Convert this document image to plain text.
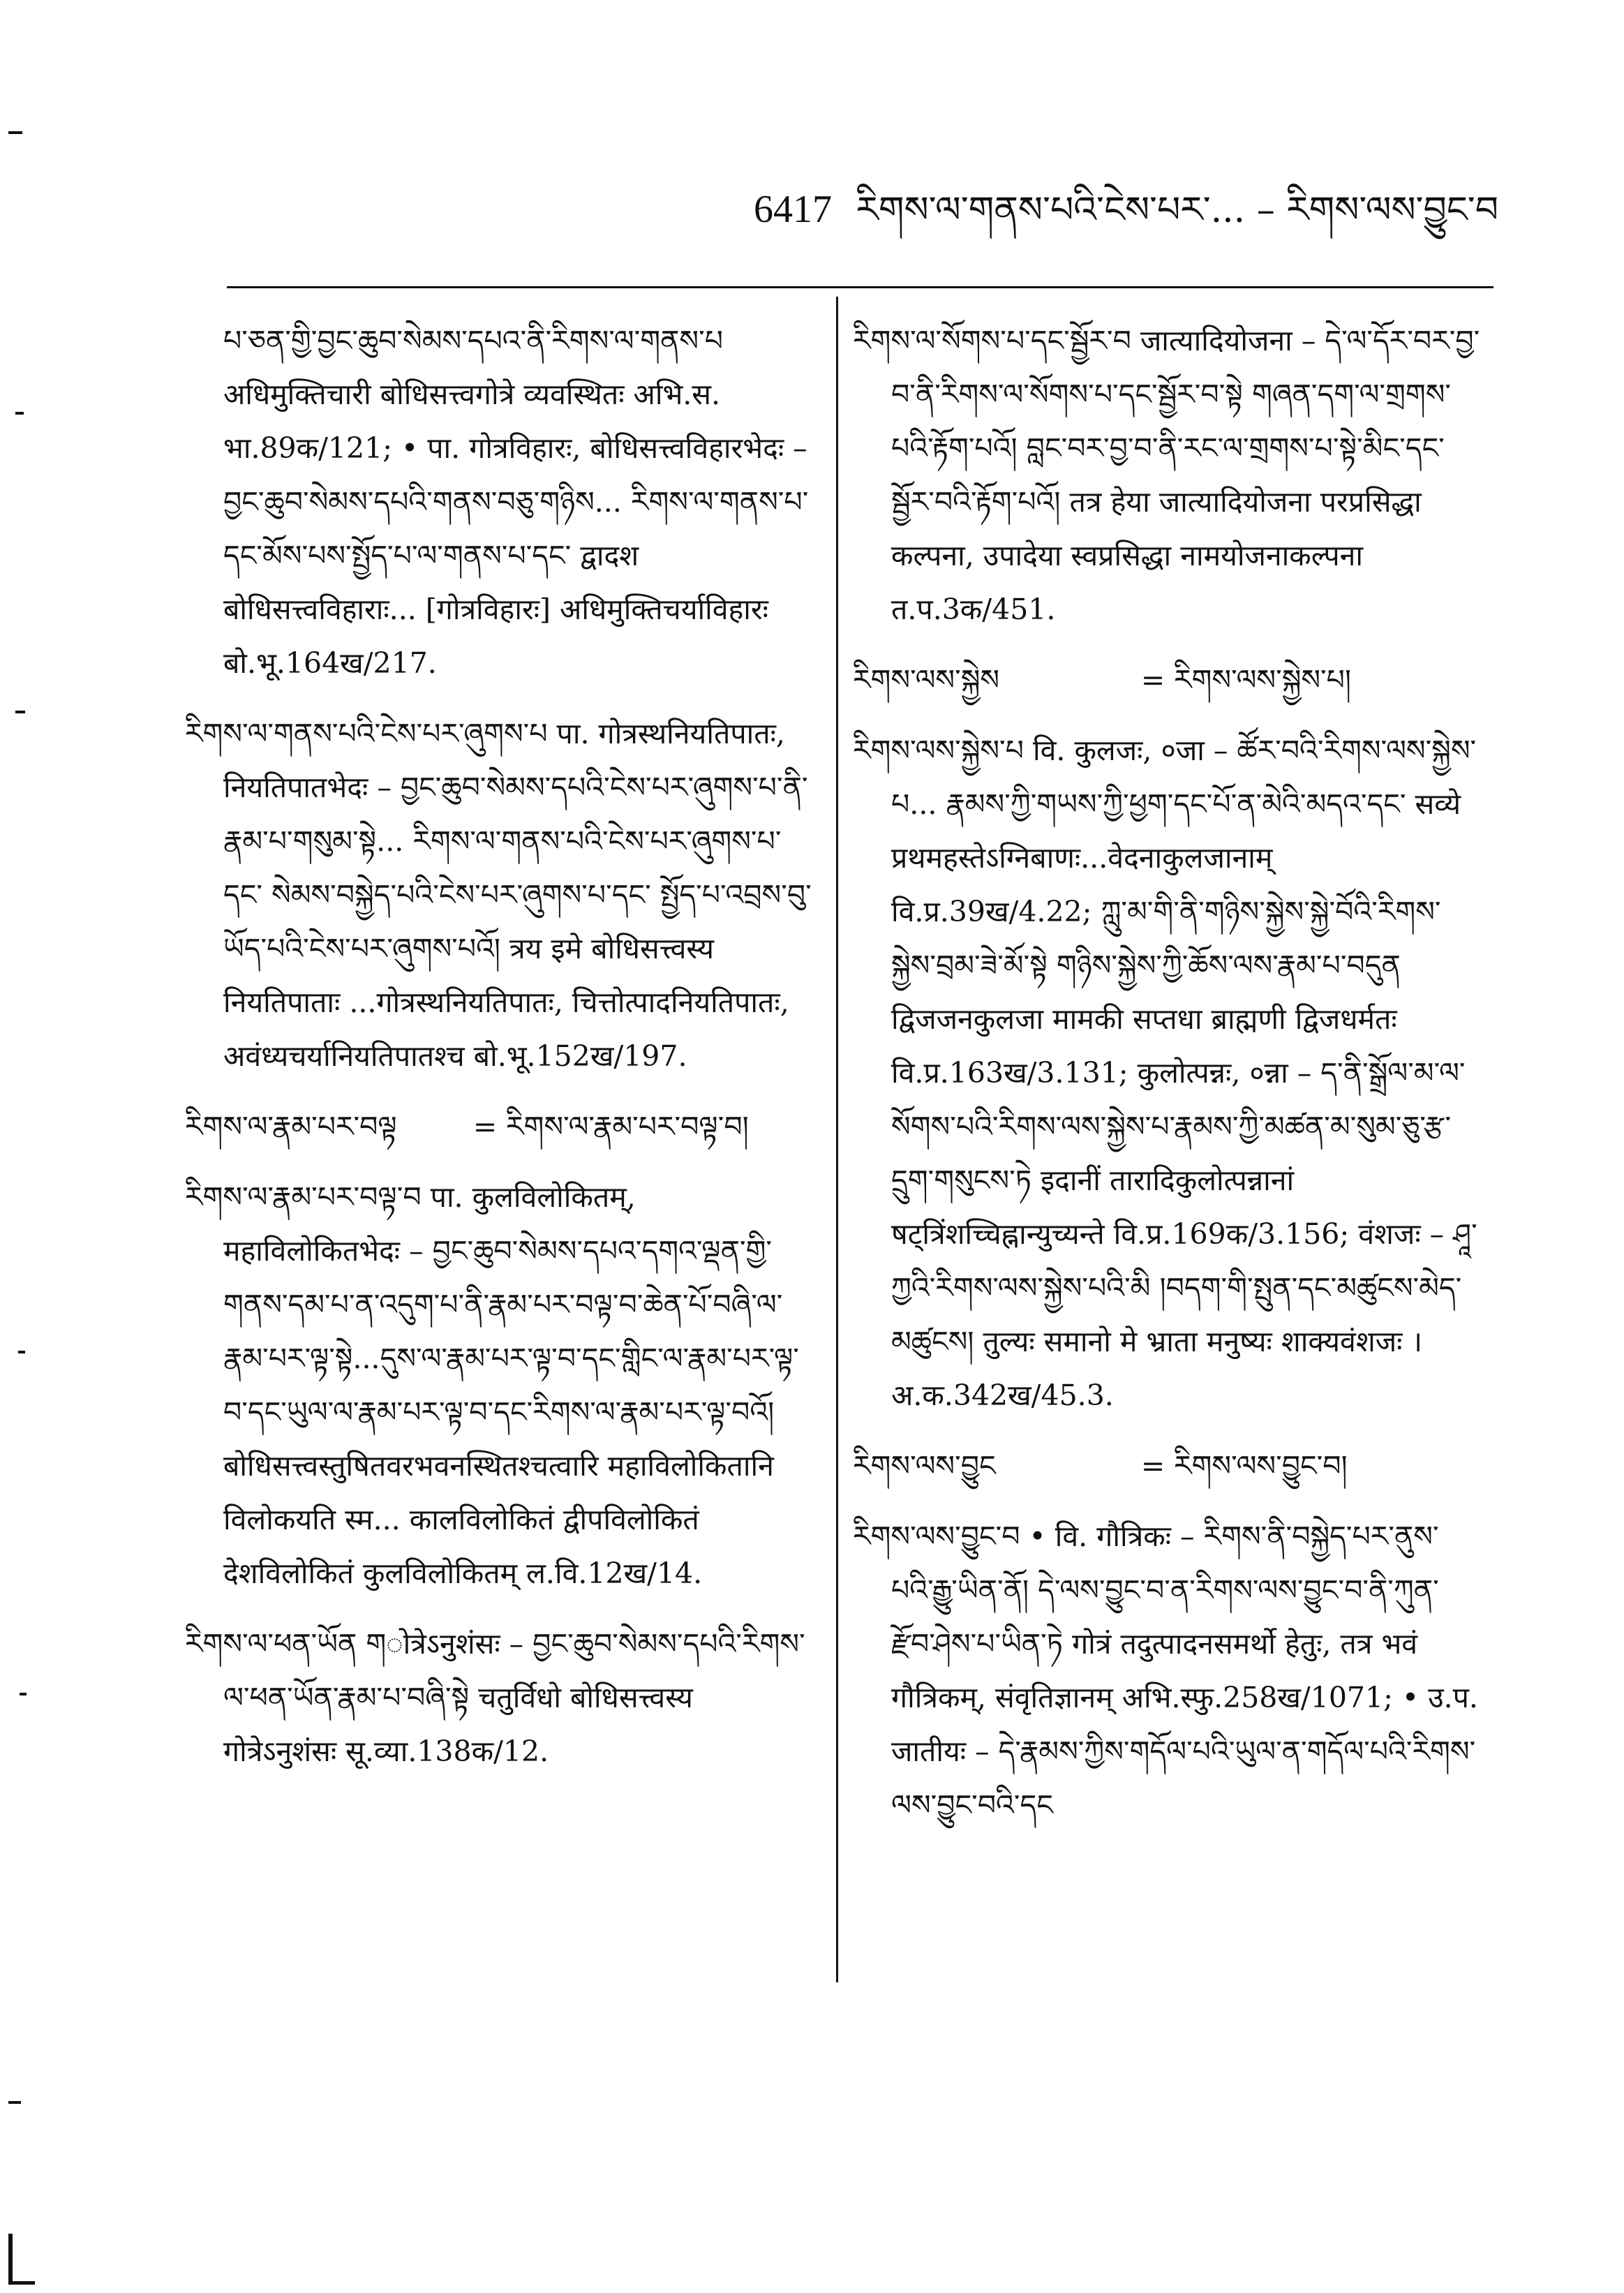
6417 རིགས་ལ་གནས་པའི་ངེས་པར་... – རིགས་ལས་བྱུང་བ

པ་ཅན་གྱི་བྱང་ཆུབ་སེམས་དཔའ་ནི་རིགས་ལ་གནས་པ अधिमुक्तिचारी बोधिसत्त्वगोत्रे व्यवस्थितः अभि.स. भा.89क/121; • पा. गोत्रविहारः, बोधिसत्त्वविहारभेदः – བྱང་ཆུབ་སེམས་དཔའི་གནས་བཅུ་གཉིས... རིགས་ལ་གནས་པ་དང་མོས་པས་སྤྱོད་པ་ལ་གནས་པ་དང་ द्वादश बोधिसत्त्वविहाराः... [गोत्रविहारः] अधिमुक्तिचर्याविहारः बो.भू.164ख/217.

རིགས་ལ་གནས་པའི་ངེས་པར་ཞུགས་པ पा. गोत्रस्थनियतिपातः, नियतिपातभेदः – བྱང་ཆུབ་སེམས་དཔའི་ངེས་པར་ཞུགས་པ་ནི་རྣམ་པ་གསུམ་སྟེ... རིགས་ལ་གནས་པའི་ངེས་པར་ཞུགས་པ་དང་ སེམས་བསྐྱེད་པའི་ངེས་པར་ཞུགས་པ་དང་ སྤྱོད་པ་འབྲས་བུ་ཡོད་པའི་ངེས་པར་ཞུགས་པའོ། त्रय इमे बोधिसत्त्वस्य नियतिपाताः ...गोत्रस्थनियतिपातः, चित्तोत्पादनियतिपातः, अवंध्यचर्यानियतिपातश्च बो.भू.152ख/197.

རིགས་ལ་རྣམ་པར་བལྟ	= རིགས་ལ་རྣམ་པར་བལྟ་བ།

རིགས་ལ་རྣམ་པར་བལྟ་བ पा. कुलविलोकितम्, महाविलोकितभेदः – བྱང་ཆུབ་སེམས་དཔའ་དགའ་ལྡན་གྱི་གནས་དམ་པ་ན་འདུག་པ་ནི་རྣམ་པར་བལྟ་བ་ཆེན་པོ་བཞི་ལ་རྣམ་པར་ལྟ་སྟེ...དུས་ལ་རྣམ་པར་ལྟ་བ་དང་གླིང་ལ་རྣམ་པར་ལྟ་བ་དང་ཡུལ་ལ་རྣམ་པར་ལྟ་བ་དང་རིགས་ལ་རྣམ་པར་ལྟ་བའོ། बोधिसत्त्वस्तुषितवरभवनस्थितश्चत्वारि महाविलोकितानि विलोकयति स्म... कालविलोकितं द्वीपविलोकितं देशविलोकितं कुलविलोकितम् ल.वि.12ख/14.

རིགས་ལ་ཕན་ཡོན གोत्रेऽनुशंसः – བྱང་ཆུབ་སེམས་དཔའི་རིགས་ལ་ཕན་ཡོན་རྣམ་པ་བཞི་སྟེ चतुर्विधो बोधिसत्त्वस्य गोत्रेऽनुशंसः सू.व्या.138क/12.

རིགས་ལ་སོགས་པ་དང་སྦྱོར་བ जात्यादियोजना – དེ་ལ་དོར་བར་བྱ་བ་ནི་རིགས་ལ་སོགས་པ་དང་སྦྱོར་བ་སྟེ གཞན་དག་ལ་གྲགས་པའི་རྟོག་པའོ། བླང་བར་བྱ་བ་ནི་རང་ལ་གྲགས་པ་སྟེ་མིང་དང་སྦྱོར་བའི་རྟོག་པའོ། तत्र हेया जात्यादियोजना परप्रसिद्धा कल्पना, उपादेया स्वप्रसिद्धा नामयोजनाकल्पना त.प.3क/451.

རིགས་ལས་སྐྱེས	= རིགས་ལས་སྐྱེས་པ།

རིགས་ལས་སྐྱེས་པ वि. कुलजः, ०जा – ཚོར་བའི་རིགས་ལས་སྐྱེས་པ... རྣམས་ཀྱི་གཡས་ཀྱི་ཕྱག་དང་པོ་ན་མེའི་མདའ་དང་ सव्ये प्रथमहस्तेऽग्निबाणः...वेदनाकुलजानाम् वि.प्र.39ख/4.22; ཀླུ་མ་གི་ནི་གཉིས་སྐྱེས་སྐྱེ་བོའི་རིགས་སྐྱེས་བྲམ་ཟེ་མོ་སྟེ གཉིས་སྐྱེས་ཀྱི་ཆོས་ལས་རྣམ་པ་བདུན द्विजजनकुलजा मामकी सप्तधा ब्राह्मणी द्विजधर्मतः वि.प्र.163ख/3.131; कुलोत्पन्नः, ०न्ना – ད་ནི་སྒྲོལ་མ་ལ་སོགས་པའི་རིགས་ལས་སྐྱེས་པ་རྣམས་ཀྱི་མཚན་མ་སུམ་ཅུ་རྩ་དྲུག་གསུངས་ཏེ इदानीं तारादिकुलोत्पन्नानां षट्त्रिंशच्चिह्नान्युच्यन्ते वि.प्र.169क/3.156; वंशजः – ཤཱ་ཀྱའི་རིགས་ལས་སྐྱེས་པའི་མི །བདག་གི་སྤུན་དང་མཚུངས་མེད་མཚུངས། तुल्यः समानो मे भ्राता मनुष्यः शाक्यवंशजः । अ.क.342ख/45.3.

རིགས་ལས་བྱུང	= རིགས་ལས་བྱུང་བ།

རིགས་ལས་བྱུང་བ • वि. गौत्रिकः – རིགས་ནི་བསྐྱེད་པར་ནུས་པའི་རྒྱུ་ཡིན་ནོ། དེ་ལས་བྱུང་བ་ན་རིགས་ལས་བྱུང་བ་ནི་ཀུན་རྫོབ་ཤེས་པ་ཡིན་ཏེ गोत्रं तदुत्पादनसमर्थो हेतुः, तत्र भवं गौत्रिकम्, संवृतिज्ञानम् अभि.स्फु.258ख/1071; • उ.प. जातीयः – དེ་རྣམས་ཀྱིས་གདོལ་པའི་ཡུལ་ན་གདོལ་པའི་རིགས་ལས་བྱུང་བའི་དང
